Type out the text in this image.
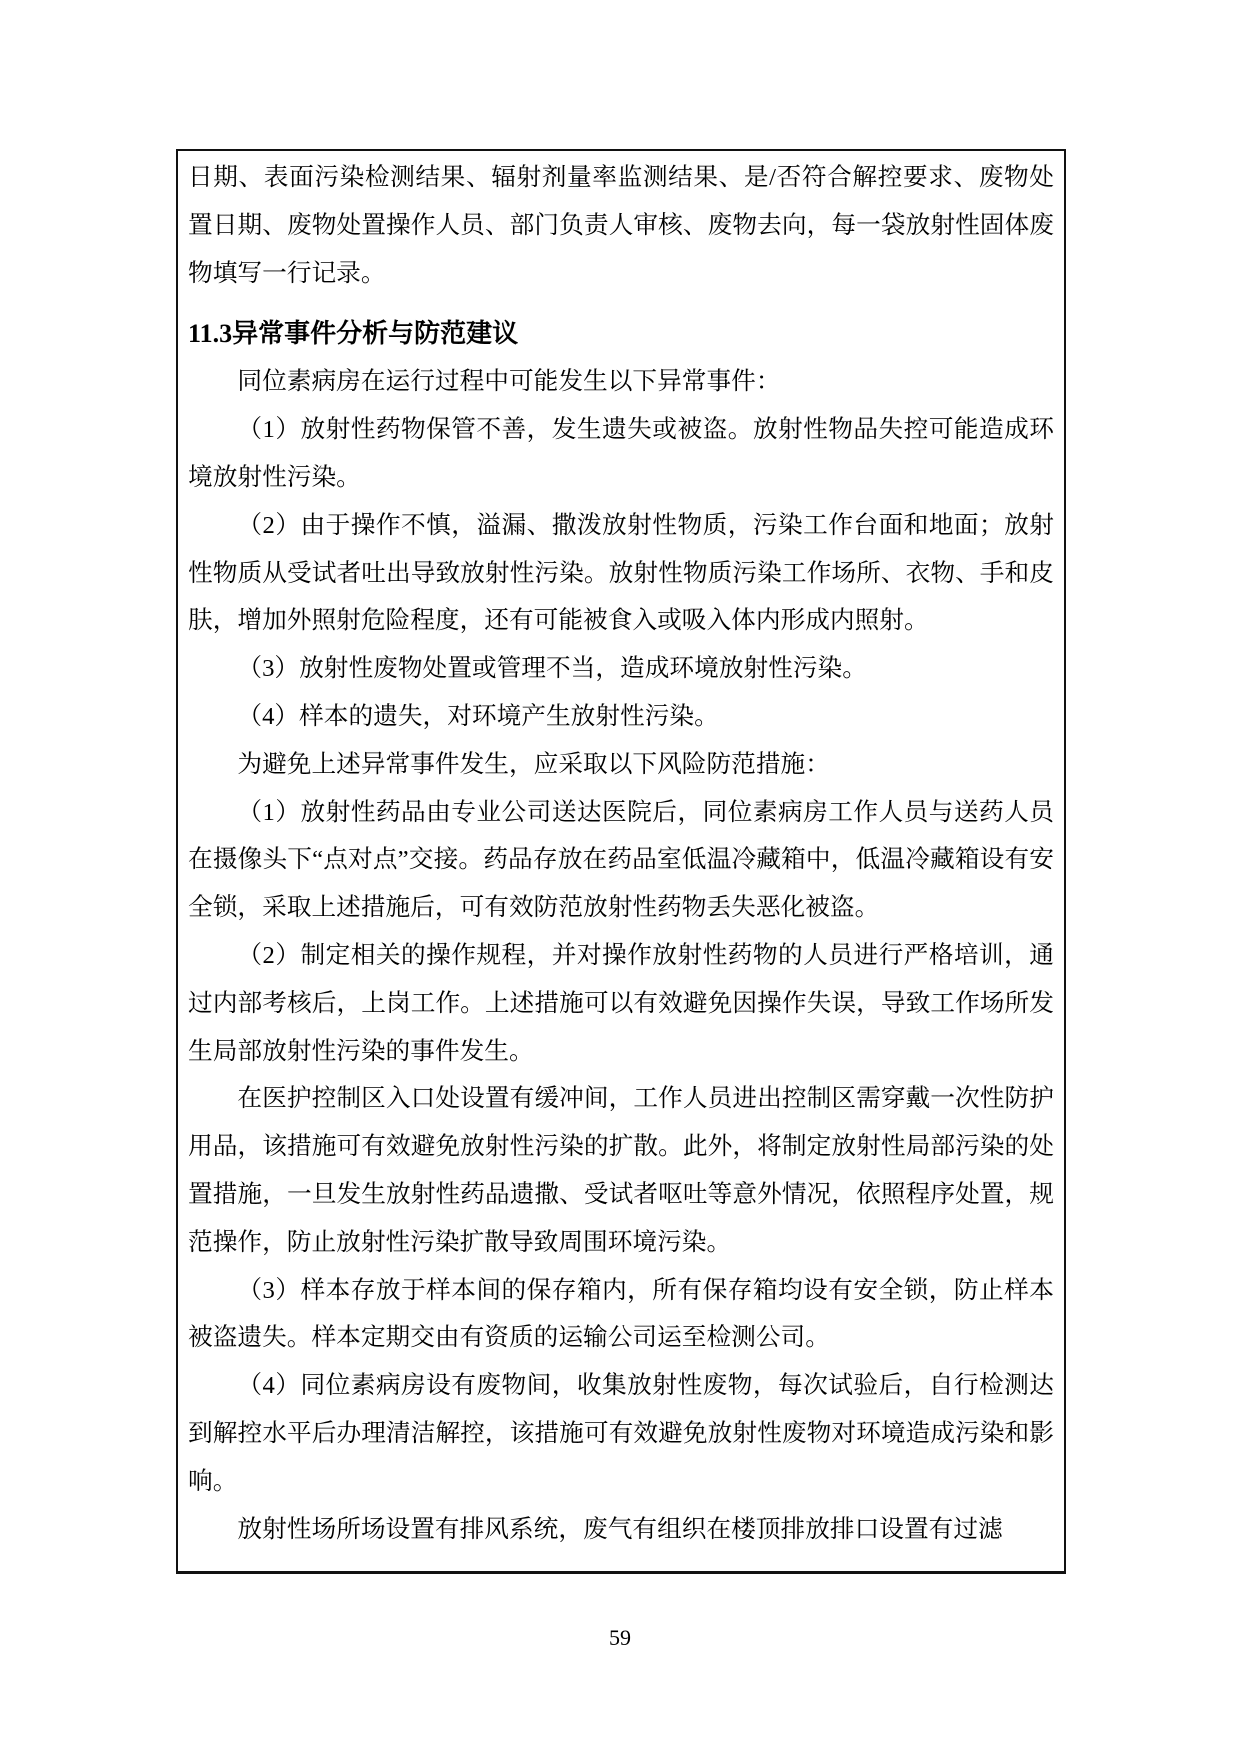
日期、表面污染检测结果、辐射剂量率监测结果、是/否符合解控要求、废物处置日期、废物处置操作人员、部门负责人审核、废物去向，每一袋放射性固体废物填写一行记录。

11.3异常事件分析与防范建议

同位素病房在运行过程中可能发生以下异常事件：

（1）放射性药物保管不善，发生遗失或被盗。放射性物品失控可能造成环境放射性污染。

（2）由于操作不慎，溢漏、撒泼放射性物质，污染工作台面和地面；放射性物质从受试者吐出导致放射性污染。放射性物质污染工作场所、衣物、手和皮肤，增加外照射危险程度，还有可能被食入或吸入体内形成内照射。

（3）放射性废物处置或管理不当，造成环境放射性污染。

（4）样本的遗失，对环境产生放射性污染。

为避免上述异常事件发生，应采取以下风险防范措施：

（1）放射性药品由专业公司送达医院后，同位素病房工作人员与送药人员在摄像头下“点对点”交接。药品存放在药品室低温冷藏箱中，低温冷藏箱设有安全锁，采取上述措施后，可有效防范放射性药物丢失恶化被盗。

（2）制定相关的操作规程，并对操作放射性药物的人员进行严格培训，通过内部考核后，上岗工作。上述措施可以有效避免因操作失误，导致工作场所发生局部放射性污染的事件发生。

在医护控制区入口处设置有缓冲间，工作人员进出控制区需穿戴一次性防护用品，该措施可有效避免放射性污染的扩散。此外，将制定放射性局部污染的处置措施，一旦发生放射性药品遗撒、受试者呕吐等意外情况，依照程序处置，规范操作，防止放射性污染扩散导致周围环境污染。

（3）样本存放于样本间的保存箱内，所有保存箱均设有安全锁，防止样本被盗遗失。样本定期交由有资质的运输公司运至检测公司。

（4）同位素病房设有废物间，收集放射性废物，每次试验后，自行检测达到解控水平后办理清洁解控，该措施可有效避免放射性废物对环境造成污染和影响。

放射性场所场设置有排风系统，废气有组织在楼顶排放排口设置有过滤

59
